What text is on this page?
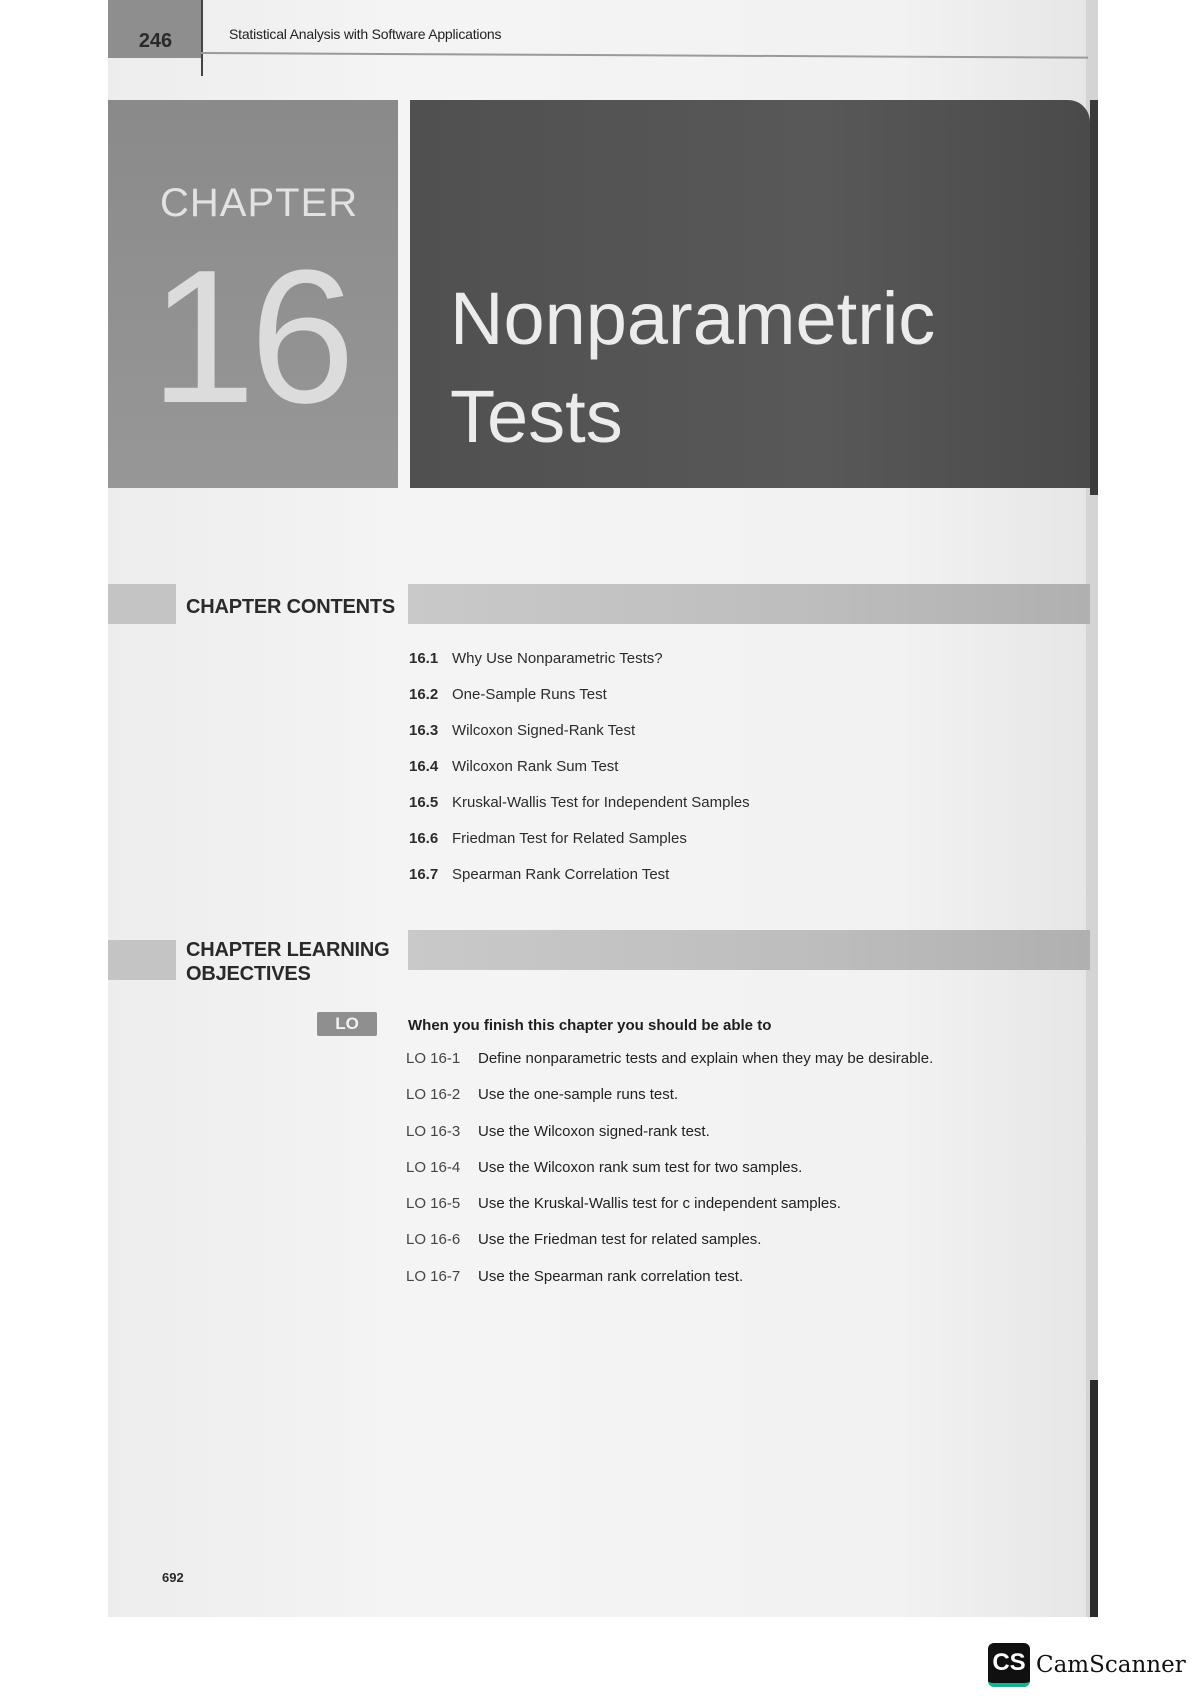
246	Statistical Analysis with Software Applications
CHAPTER
16 Nonparametric
Tests
CHAPTER CONTENTS
16.1 Why Use Nonparametric Tests?
16.2 One-Sample Runs Test
16.3 Wilcoxon Signed-Rank Test
16.4 Wilcoxon Rank Sum Test
16.5 Kruskal-Wallis Test for Independent Samples
16.6 Friedman Test for Related Samples
16.7 Spearman Rank Correlation Test
CHAPTER LEARNING
OBJECTIVES
LO	When you finish this chapter you should be able to
LO 16-1 Define nonparametric tests and explain when they may be desirable.
LO 16-2 Use the one-sample runs test.
LO 16-3 Use the Wilcoxon signed-rank test.
LO 16-4 Use the Wilcoxon rank sum test for two samples.
LO 16-5 Use the Kruskal-Wallis test for c independent samples.
LO 16-6 Use the Friedman test for related samples.
LO 16-7 Use the Spearman rank correlation test.
692
CS CamScanner
